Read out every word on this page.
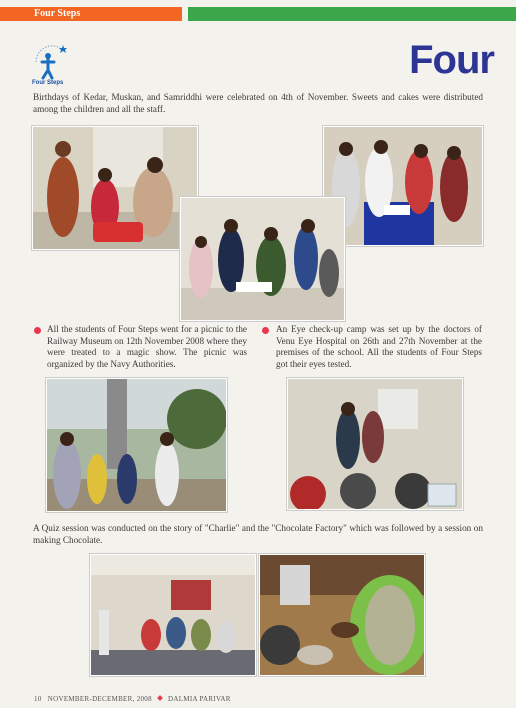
Four Steps
Four Steps
Four
Birthdays of Kedar, Muskan, and Samriddhi were celebrated on 4th of November. Sweets and cakes were distributed among the children and all the staff.
All the students of Four Steps went for a picnic to the Railway Museum on 12th November 2008 where they were treated to a magic show. The picnic was organized by the Navy Authorities.
An Eye check-up camp was set up by the doctors of Venu Eye Hospital on 26th and 27th November at the premises of the school. All the students of Four Steps got their eyes tested.
A Quiz session was conducted on the story of "Charlie" and the "Chocolate Factory" which was followed by a session on making Chocolate.
10 NOVEMBER-DECEMBER, 2008 DALMIA PARIVAR
